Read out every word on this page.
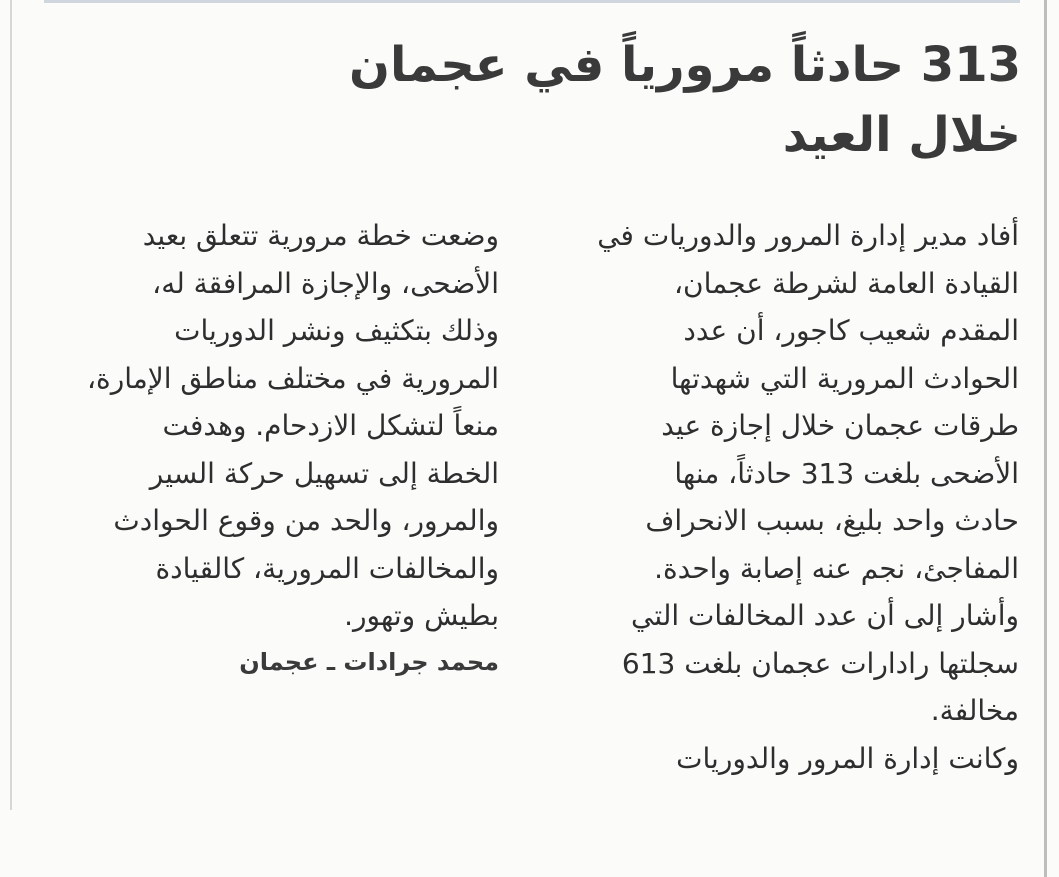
313 حادثاً مرورياً في عجمان
خلال العيد
أفاد مدير إدارة المرور والدوريات في
القيادة العامة لشرطة عجمان،
المقدم شعيب كاجور، أن عدد
الحوادث المرورية التي شهدتها
طرقات عجمان خلال إجازة عيد
الأضحى بلغت 313 حادثاً، منها
حادث واحد بليغ، بسبب الانحراف
المفاجئ، نجم عنه إصابة واحدة.
وأشار إلى أن عدد المخالفات التي
سجلتها رادارات عجمان بلغت 613
مخالفة.
وكانت إدارة المرور والدوريات
وضعت خطة مرورية تتعلق بعيد
الأضحى، والإجازة المرافقة له،
وذلك بتكثيف ونشر الدوريات
المرورية في مختلف مناطق الإمارة،
منعاً لتشكل الازدحام. وهدفت
الخطة إلى تسهيل حركة السير
والمرور، والحد من وقوع الحوادث
والمخالفات المرورية، كالقيادة
بطيش وتهور.
محمد جرادات ـ عجمان
